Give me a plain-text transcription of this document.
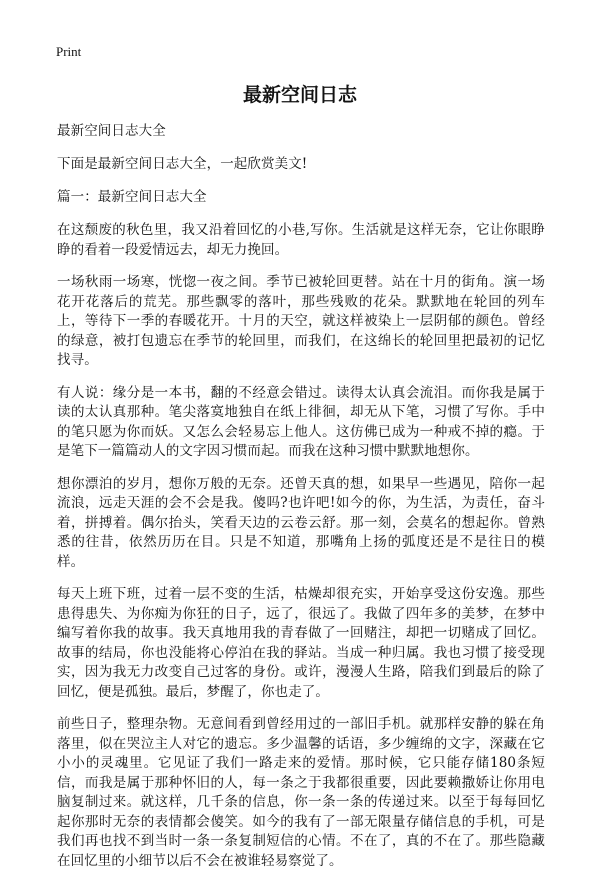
Print
最新空间日志

最新空间日志大全

下面是最新空间日志大全，一起欣赏美文!

篇一：最新空间日志大全

在这颓废的秋色里，我又沿着回忆的小巷,写你。生活就是这样无奈，它让你眼睁睁的看着一段爱情远去，却无力挽回。

一场秋雨一场寒，恍惚一夜之间。季节已被轮回更替。站在十月的街角。演一场花开花落后的荒芜。那些飘零的落叶，那些残败的花朵。默默地在轮回的列车上，等待下一季的春暖花开。十月的天空，就这样被染上一层阴郁的颜色。曾经的绿意，被打包遗忘在季节的轮回里，而我们，在这绵长的轮回里把最初的记忆找寻。

有人说：缘分是一本书，翻的不经意会错过。读得太认真会流泪。而你我是属于读的太认真那种。笔尖落寞地独自在纸上徘徊，却无从下笔，习惯了写你。手中的笔只愿为你而妖。又怎么会轻易忘上他人。这仿佛已成为一种戒不掉的瘾。于是笔下一篇篇动人的文字因习惯而起。而我在这种习惯中默默地想你。

想你漂泊的岁月，想你万般的无奈。还曾天真的想，如果早一些遇见，陪你一起流浪，远走天涯的会不会是我。傻吗?也许吧!如今的你，为生活，为责任，奋斗着，拼搏着。偶尔抬头，笑看天边的云卷云舒。那一刻，会莫名的想起你。曾熟悉的往昔，依然历历在目。只是不知道，那嘴角上扬的弧度还是不是往日的模样。

每天上班下班，过着一层不变的生活，枯燥却很充实，开始享受这份安逸。那些患得患失、为你痴为你狂的日子，远了，很远了。我做了四年多的美梦，在梦中编写着你我的故事。我天真地用我的青春做了一回赌注，却把一切赌成了回忆。故事的结局，你也没能将心停泊在我的驿站。当成一种归属。我也习惯了接受现实，因为我无力改变自己过客的身份。或许，漫漫人生路，陪我们到最后的除了回忆，便是孤独。最后，梦醒了，你也走了。

前些日子，整理杂物。无意间看到曾经用过的一部旧手机。就那样安静的躲在角落里，似在哭泣主人对它的遗忘。多少温馨的话语，多少缠绵的文字，深藏在它小小的灵魂里。它见证了我们一路走来的爱情。那时候，它只能存储180条短信，而我是属于那种怀旧的人，每一条之于我都很重要，因此要赖撒娇让你用电脑复制过来。就这样，几千条的信息，你一条一条的传递过来。以至于每每回忆起你那时无奈的表情都会傻笑。如今的我有了一部无限量存储信息的手机，可是我们再也找不到当时一条一条复制短信的心情。不在了，真的不在了。那些隐藏在回忆里的小细节以后不会在被谁轻易察觉了。
